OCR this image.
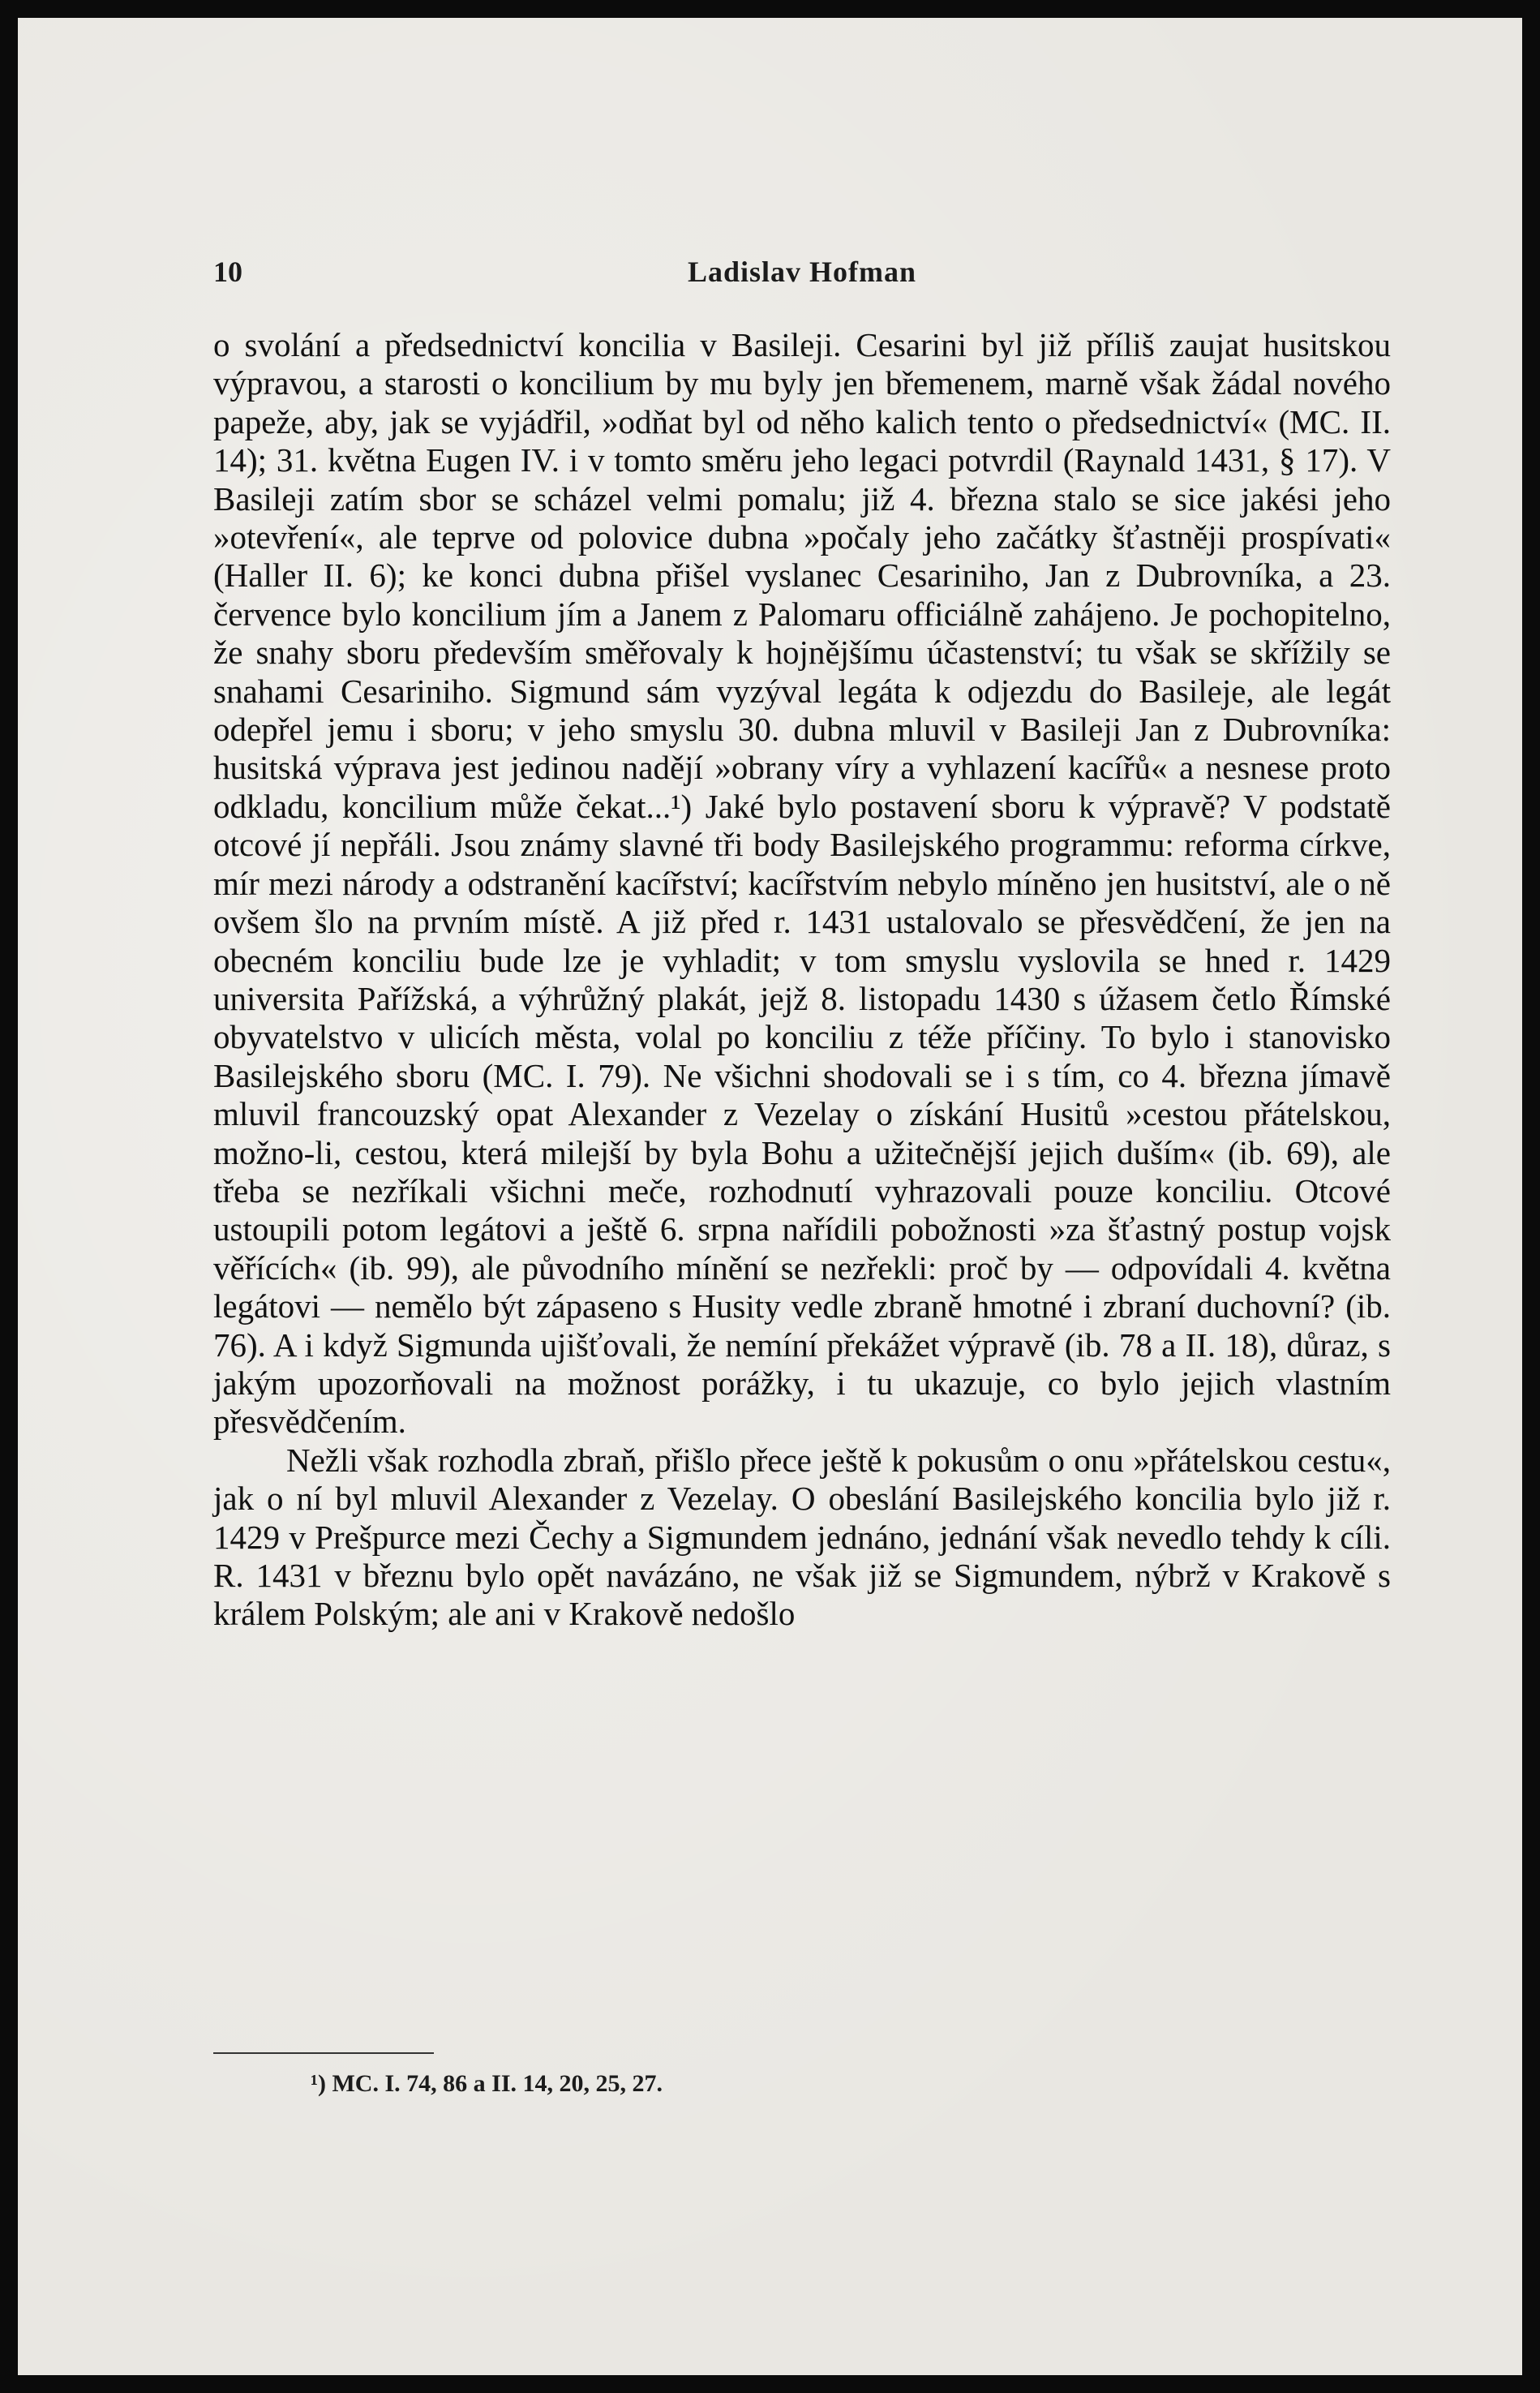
10	Ladislav Hofman

o svolání a předsednictví koncilia v Basileji. Cesarini byl již příliš zaujat husitskou výpravou, a starosti o koncilium by mu byly jen břemenem, marně však žádal nového papeže, aby, jak se vyjádřil, »odňat byl od něho kalich tento o předsednictví« (MC. II. 14); 31. května Eugen IV. i v tomto směru jeho legaci potvrdil (Raynald 1431, § 17). V Basileji zatím sbor se scházel velmi pomalu; již 4. března stalo se sice jakési jeho »otevření«, ale teprve od polovice dubna »počaly jeho začátky šťastněji prospívati« (Haller II. 6); ke konci dubna přišel vyslanec Cesariniho, Jan z Dubrovníka, a 23. července bylo koncilium jím a Janem z Palomaru officiálně zahájeno. Je pochopitelno, že snahy sboru především směřovaly k hojnějšímu účastenství; tu však se skřížily se snahami Cesariniho. Sigmund sám vyzýval legáta k odjezdu do Basileje, ale legát odepřel jemu i sboru; v jeho smyslu 30. dubna mluvil v Basileji Jan z Dubrovníka: husitská výprava jest jedinou nadějí »obrany víry a vyhlazení kacířů« a nesnese proto odkladu, koncilium může čekat...¹) Jaké bylo postavení sboru k výpravě? V podstatě otcové jí nepřáli. Jsou známy slavné tři body Basilejského programmu: reforma církve, mír mezi národy a odstranění kacířství; kacířstvím nebylo míněno jen husitství, ale o ně ovšem šlo na prvním místě. A již před r. 1431 ustalovalo se přesvědčení, že jen na obecném konciliu bude lze je vyhladit; v tom smyslu vyslovila se hned r. 1429 universita Pařížská, a výhrůžný plakát, jejž 8. listopadu 1430 s úžasem četlo Římské obyvatelstvo v ulicích města, volal po konciliu z téže příčiny. To bylo i stanovisko Basilejského sboru (MC. I. 79). Ne všichni shodovali se i s tím, co 4. března jímavě mluvil francouzský opat Alexander z Vezelay o získání Husitů »cestou přátelskou, možno-li, cestou, která milejší by byla Bohu a užitečnější jejich duším« (ib. 69), ale třeba se nezříkali všichni meče, rozhodnutí vyhrazovali pouze konciliu. Otcové ustoupili potom legátovi a ještě 6. srpna nařídili pobožnosti »za šťastný postup vojsk věřících« (ib. 99), ale původního mínění se nezřekli: proč by — odpovídali 4. května legátovi — nemělo být zápaseno s Husity vedle zbraně hmotné i zbraní duchovní? (ib. 76). A i když Sigmunda ujišťovali, že nemíní překážet výpravě (ib. 78 a II. 18), důraz, s jakým upozorňovali na možnost porážky, i tu ukazuje, co bylo jejich vlastním přesvědčením.

Nežli však rozhodla zbraň, přišlo přece ještě k pokusům o onu »přátelskou cestu«, jak o ní byl mluvil Alexander z Vezelay. O obeslání Basilejského koncilia bylo již r. 1429 v Prešpurce mezi Čechy a Sigmundem jednáno, jednání však nevedlo tehdy k cíli. R. 1431 v březnu bylo opět navázáno, ne však již se Sigmundem, nýbrž v Krakově s králem Polským; ale ani v Krakově nedošlo

¹) MC. I. 74, 86 a II. 14, 20, 25, 27.
